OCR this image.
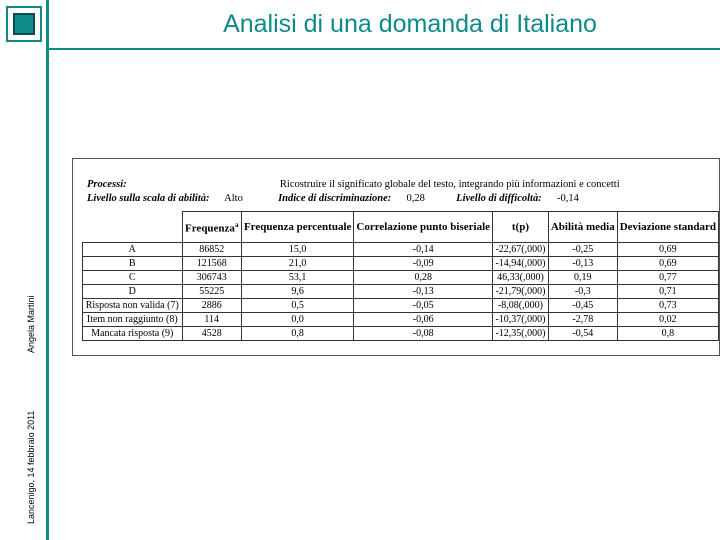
Analisi di una domanda di Italiano
Angela Martini
Lancenigo, 14 febbraio 2011
Processi:	Ricostruire il significato globale del testo, integrando più informazioni e concetti
Livello sulla scala di abilità: Alto	Indice di discriminazione: 0,28	Livello di difficoltà: -0,14
	Frequenza$^a$	Frequenza percentuale	Correlazione punto biseriale	t(p)	Abilità media	Deviazione standard
A	86852	15,0	-0,14	-22,67(,000)	-0,25	0,69
B	121568	21,0	-0,09	-14,94(,000)	-0,13	0,69
C	306743	53,1	0,28	46,33(,000)	0,19	0,77
D	55225	9,6	-0,13	-21,79(,000)	-0,3	0,71
Risposta non valida (7)	2886	0,5	-0,05	-8,08(,000)	-0,45	0,73
Item non raggiunto (8)	114	0,0	-0,06	-10,37(,000)	-2,78	0,02
Mancata risposta (9)	4528	0,8	-0,08	-12,35(,000)	-0,54	0,8
